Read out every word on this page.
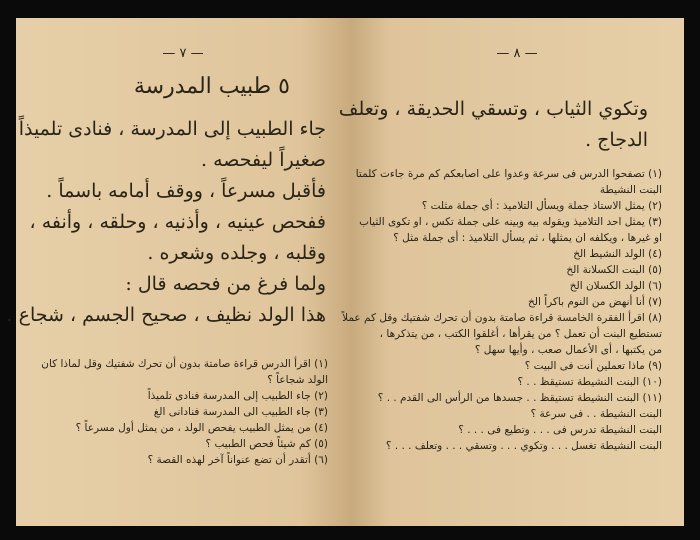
— ٧ —
٥ طبيب المدرسة
جاء الطبيب إلى المدرسة ، فنادى تلميذاً
صغيراً ليفحصه .
فأقبل مسرعاً ، ووقف أمامه باسماً .
ففحص عينيه ، وأذنيه ، وحلقه ، وأنفه ،
وقلبه ، وجلده وشعره .
ولما فرغ من فحصه قال :
هذا الولد نظيف ، صحيح الجسم ، شجاع .
(١) اقرأ الدرس قراءة صامتة بدون أن تحرك شفتيك وقل لماذا كان
الولد شجاعاً ؟
(٢) جاء الطبيب إلى المدرسة فنادى تلميذاً
(٣) جاء الطبيب الى المدرسة فنادانى الغ
(٤) من يمثل الطبيب يفحص الولد ، من يمثل أول مسرعاً ؟
(٥) كم شيئاً فحص الطبيب ؟
(٦) أتقدر أن تضع عنواناً آخر لهذه القصة ؟
— ٨ —
وتكوي الثياب ، وتسقي الحديقة ، وتعلف
الدجاج .
(١) تصفحوا الدرس فى سرعة وعدوا على اصابعكم كم مرة جاءت كلمتا
البنت النشيطة
(٢) يمثل الاستاذ جملة ويسأل التلاميذ : أى جملة مثلت ؟
(٣) يمثل احد التلاميذ ويقوله بيه وبينه على جملة تكس ، او تكوى الثياب
او غيرها ، ويكلفه ان يمثلها ، ثم يسأل التلاميذ : أى جملة مثل ؟
(٤) الولد النشيط الخ
(٥) البنت الكسلانة الخ
(٦) الولد الكسلان الخ
(٧) أنا أنهض من النوم باكراً الخ
(٨) اقرأ الفقرة الخامسة قراءة صامتة بدون أن تحرك شفتيك وقل كم عملاً
تستطيع البنت أن تعمل ؟ من يقرأها ، أغلقوا الكتب ، من يتذكرها ،
من يكتبها ، أى الأعمال صعب ، وأيها سهل ؟
(٩) ماذا تعملين أنت فى البيت ؟
(١٠) البنت النشيطة تستيقظ . . ؟
(١١) البنت النشيطة تستيقظ . . جسدها من الرأس الى القدم . . ؟
البنت النشيطة . . فى سرعة ؟
البنت النشيطة تدرس فى . . . وتطيع فى . . . ؟
البنت النشيطة تغسل . . . وتكوي . . . وتسقي . . . وتعلف . . . ؟
